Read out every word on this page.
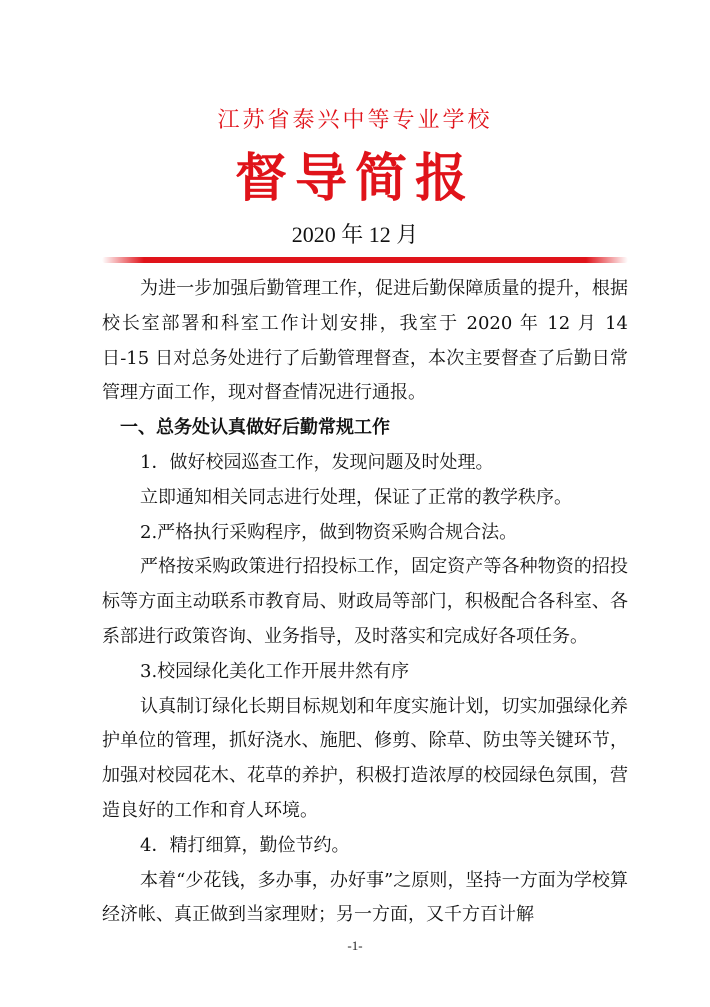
江苏省泰兴中等专业学校
督导简报
2020 年 12 月

为进一步加强后勤管理工作，促进后勤保障质量的提升，根据校长室部署和科室工作计划安排，我室于 2020 年 12 月 14 日-15 日对总务处进行了后勤管理督查，本次主要督查了后勤日常管理方面工作，现对督查情况进行通报。

一、总务处认真做好后勤常规工作

1．做好校园巡查工作，发现问题及时处理。

立即通知相关同志进行处理，保证了正常的教学秩序。

2.严格执行采购程序，做到物资采购合规合法。

严格按采购政策进行招投标工作，固定资产等各种物资的招投标等方面主动联系市教育局、财政局等部门，积极配合各科室、各系部进行政策咨询、业务指导，及时落实和完成好各项任务。

3.校园绿化美化工作开展井然有序

认真制订绿化长期目标规划和年度实施计划，切实加强绿化养护单位的管理，抓好浇水、施肥、修剪、除草、防虫等关键环节，加强对校园花木、花草的养护，积极打造浓厚的校园绿色氛围，营造良好的工作和育人环境。

4．精打细算，勤俭节约。

本着“少花钱，多办事，办好事”之原则，坚持一方面为学校算经济帐、真正做到当家理财；另一方面，又千方百计解

-1-
